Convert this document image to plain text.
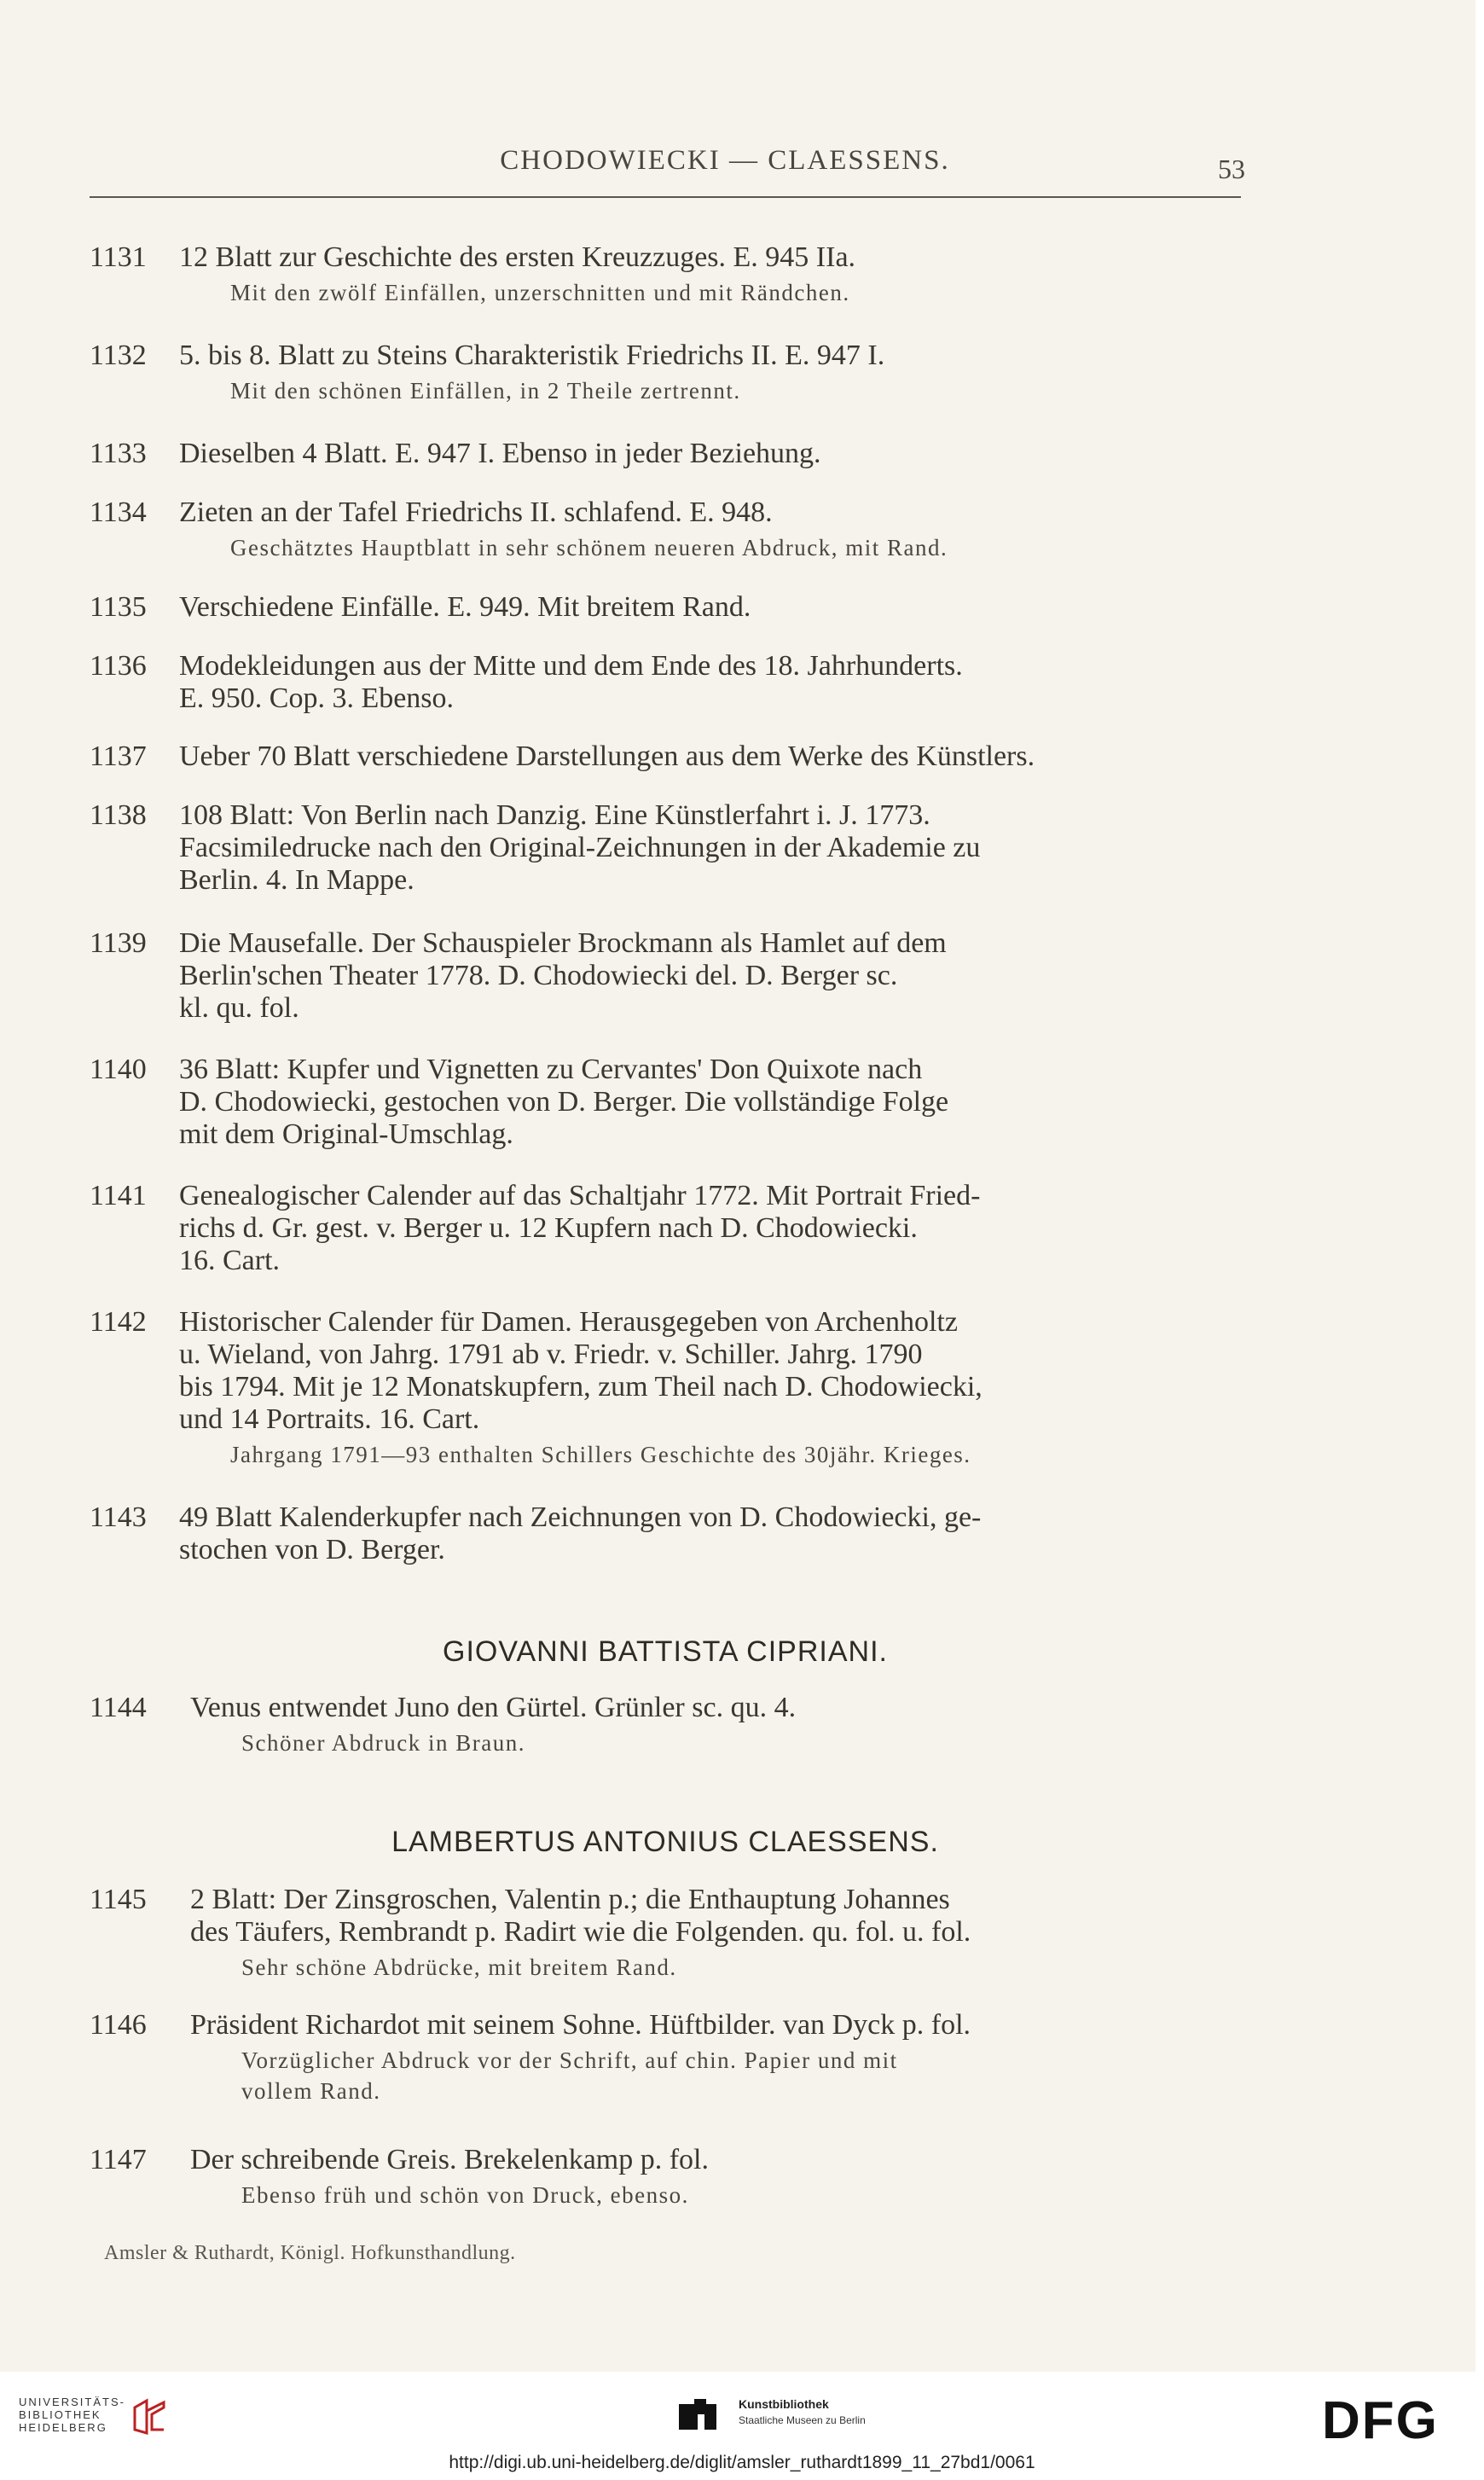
CHODOWIECKI — CLAESSENS.	53
1131	12 Blatt zur Geschichte des ersten Kreuzzuges. E. 945 IIa.
Mit den zwölf Einfällen, unzerschnitten und mit Rändchen.
1132	5. bis 8. Blatt zu Steins Charakteristik Friedrichs II. E. 947 I.
Mit den schönen Einfällen, in 2 Theile zertrennt.
1133	Dieselben 4 Blatt. E. 947 I. Ebenso in jeder Beziehung.
1134	Zieten an der Tafel Friedrichs II. schlafend. E. 948.
Geschätztes Hauptblatt in sehr schönem neueren Abdruck, mit Rand.
1135	Verschiedene Einfälle. E. 949. Mit breitem Rand.
1136	Modekleidungen aus der Mitte und dem Ende des 18. Jahrhunderts.
E. 950. Cop. 3. Ebenso.
1137	Ueber 70 Blatt verschiedene Darstellungen aus dem Werke des Künstlers.
1138	108 Blatt: Von Berlin nach Danzig. Eine Künstlerfahrt i. J. 1773.
Facsimiledrucke nach den Original-Zeichnungen in der Akademie zu
Berlin. 4. In Mappe.
1139	Die Mausefalle. Der Schauspieler Brockmann als Hamlet auf dem
Berlin'schen Theater 1778. D. Chodowiecki del. D. Berger sc.
kl. qu. fol.
1140	36 Blatt: Kupfer und Vignetten zu Cervantes' Don Quixote nach
D. Chodowiecki, gestochen von D. Berger. Die vollständige Folge
mit dem Original-Umschlag.
1141	Genealogischer Calender auf das Schaltjahr 1772. Mit Portrait Fried-
richs d. Gr. gest. v. Berger u. 12 Kupfern nach D. Chodowiecki.
16. Cart.
1142	Historischer Calender für Damen. Herausgegeben von Archenholtz
u. Wieland, von Jahrg. 1791 ab v. Friedr. v. Schiller. Jahrg. 1790
bis 1794. Mit je 12 Monatskupfern, zum Theil nach D. Chodowiecki,
und 14 Portraits. 16. Cart.
Jahrgang 1791—93 enthalten Schillers Geschichte des 30jähr. Krieges.
1143	49 Blatt Kalenderkupfer nach Zeichnungen von D. Chodowiecki, ge-
stochen von D. Berger.
GIOVANNI BATTISTA CIPRIANI.
1144	Venus entwendet Juno den Gürtel. Grünler sc. qu. 4.
Schöner Abdruck in Braun.
LAMBERTUS ANTONIUS CLAESSENS.
1145	2 Blatt: Der Zinsgroschen, Valentin p.; die Enthauptung Johannes
des Täufers, Rembrandt p. Radirt wie die Folgenden. qu. fol. u. fol.
Sehr schöne Abdrücke, mit breitem Rand.
1146	Präsident Richardot mit seinem Sohne. Hüftbilder. van Dyck p. fol.
Vorzüglicher Abdruck vor der Schrift, auf chin. Papier und mit
vollem Rand.
1147	Der schreibende Greis. Brekelenkamp p. fol.
Ebenso früh und schön von Druck, ebenso.
Amsler & Ruthardt, Königl. Hofkunsthandlung.
UNIVERSITÄTS-
BIBLIOTHEK
HEIDELBERG
Kunstbibliothek
Staatliche Museen zu Berlin	DFG
http://digi.ub.uni-heidelberg.de/diglit/amsler_ruthardt1899_11_27bd1/0061
